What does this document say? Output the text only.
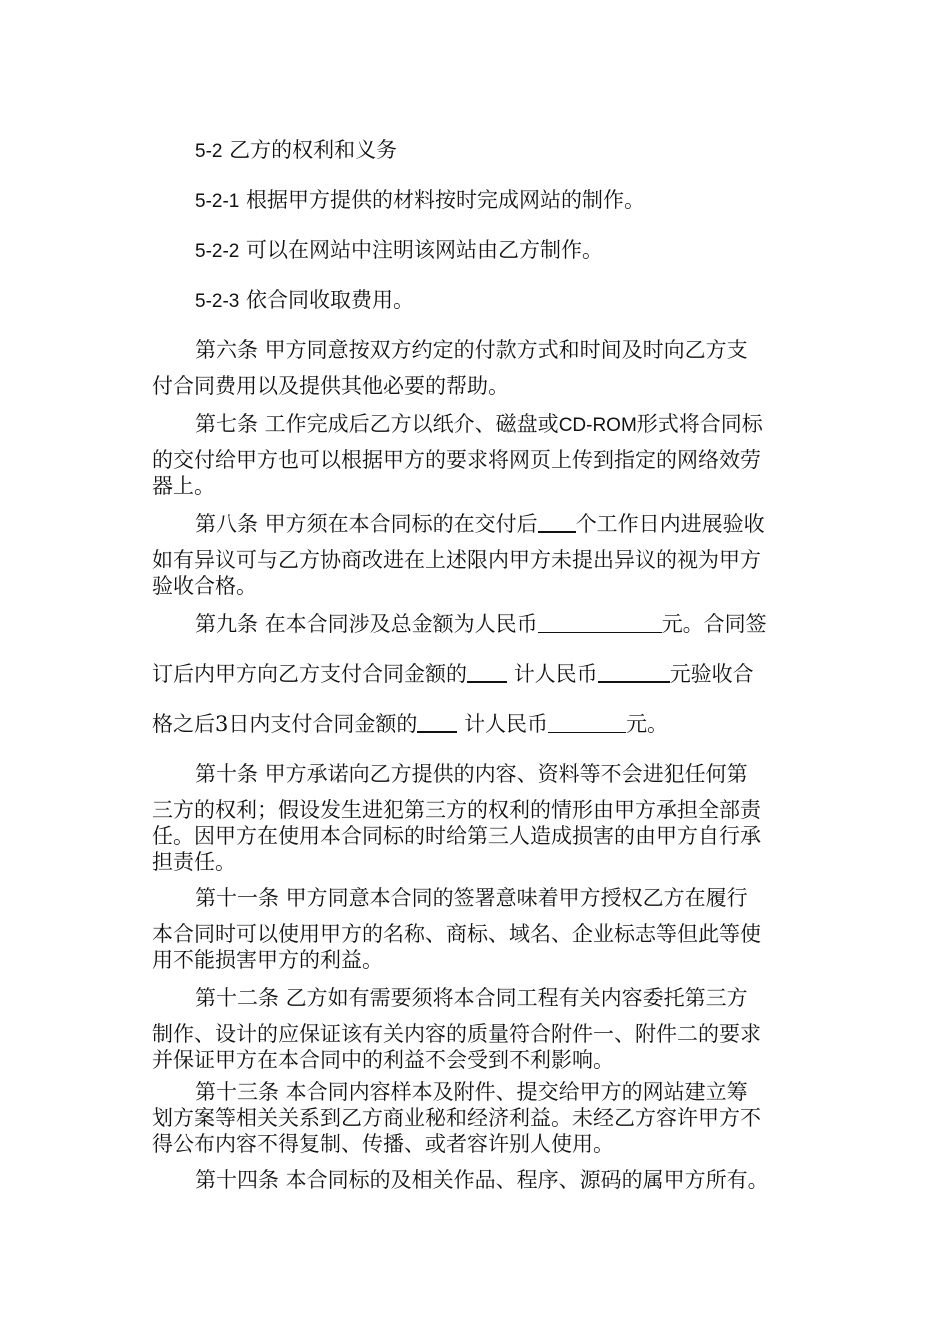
5-2 乙方的权利和义务
5-2-1 根据甲方提供的材料按时完成网站的制作。
5-2-2 可以在网站中注明该网站由乙方制作。
5-2-3 依合同收取费用。
第六条 甲方同意按双方约定的付款方式和时间及时向乙方支
付合同费用以及提供其他必要的帮助。
第七条 工作完成后乙方以纸介、磁盘或CD-ROM形式将合同标
的交付给甲方也可以根据甲方的要求将网页上传到指定的网络效劳
器上。
第八条 甲方须在本合同标的在交付后 个工作日内进展验收
如有异议可与乙方协商改进在上述限内甲方未提出异议的视为甲方
验收合格。
第九条 在本合同涉及总金额为人民币	元。合同签
订后内甲方向乙方支付合同金额的 计人民币	元验收合
格之后3日内支付合同金额的 计人民币	元。
第十条 甲方承诺向乙方提供的内容、资料等不会进犯任何第
三方的权利；假设发生进犯第三方的权利的情形由甲方承担全部责
任。因甲方在使用本合同标的时给第三人造成损害的由甲方自行承
担责任。
第十一条 甲方同意本合同的签署意味着甲方授权乙方在履行
本合同时可以使用甲方的名称、商标、域名、企业标志等但此等使
用不能损害甲方的利益。
第十二条 乙方如有需要须将本合同工程有关内容委托第三方
制作、设计的应保证该有关内容的质量符合附件一、附件二的要求
并保证甲方在本合同中的利益不会受到不利影响。
第十三条 本合同内容样本及附件、提交给甲方的网站建立筹
划方案等相关关系到乙方商业秘和经济利益。未经乙方容许甲方不
得公布内容不得复制、传播、或者容许别人使用。
第十四条 本合同标的及相关作品、程序、源码的属甲方所有。
